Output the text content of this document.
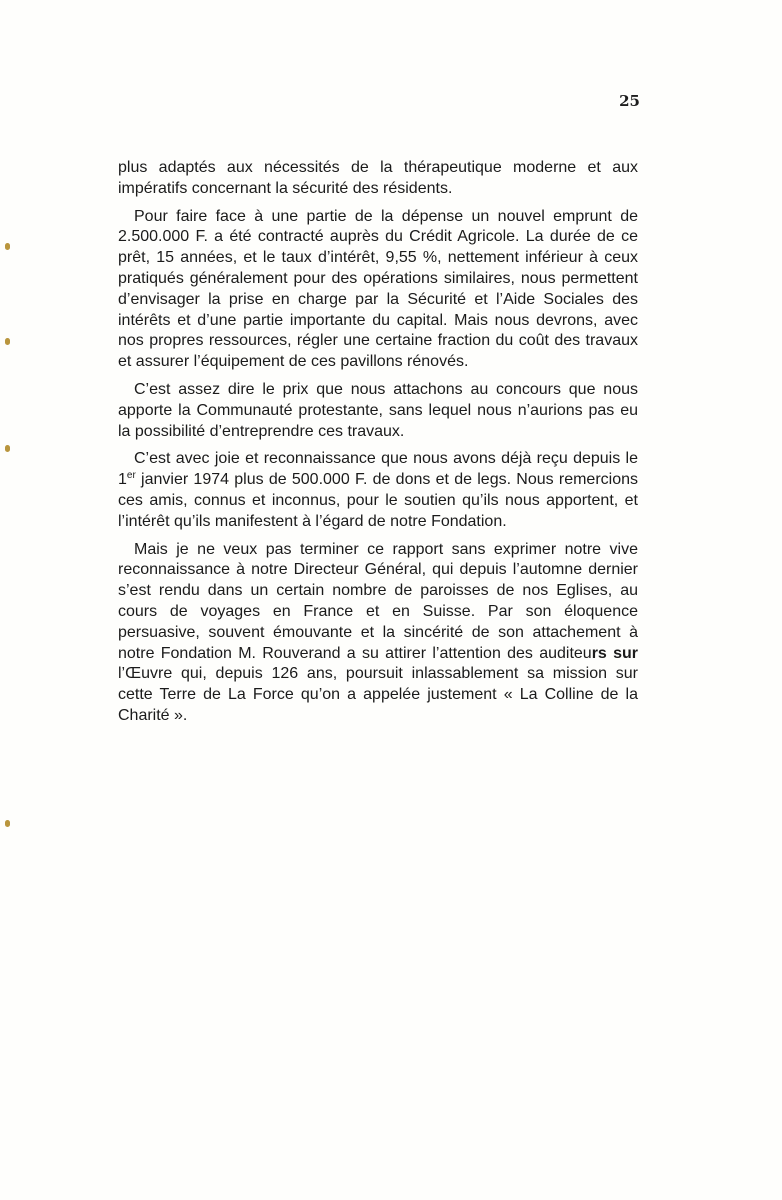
25

plus adaptés aux nécessités de la thérapeutique moderne et aux impératifs concernant la sécurité des résidents.

Pour faire face à une partie de la dépense un nouvel emprunt de 2.500.000 F. a été contracté auprès du Crédit Agricole. La durée de ce prêt, 15 années, et le taux d’intérêt, 9,55 %, nettement inférieur à ceux pratiqués généralement pour des opérations similaires, nous permettent d’envisager la prise en charge par la Sécurité et l’Aide Sociales des intérêts et d’une partie importante du capital. Mais nous devrons, avec nos propres ressources, régler une certaine fraction du coût des travaux et assurer l’équipement de ces pavillons rénovés.

C’est assez dire le prix que nous attachons au concours que nous apporte la Communauté protestante, sans lequel nous n’aurions pas eu la possibilité d’entreprendre ces travaux.

C’est avec joie et reconnaissance que nous avons déjà reçu depuis le 1er janvier 1974 plus de 500.000 F. de dons et de legs. Nous remercions ces amis, connus et inconnus, pour le soutien qu’ils nous apportent, et l’intérêt qu’ils manifestent à l’égard de notre Fondation.

Mais je ne veux pas terminer ce rapport sans exprimer notre vive reconnaissance à notre Directeur Général, qui depuis l’automne dernier s’est rendu dans un certain nombre de paroisses de nos Eglises, au cours de voyages en France et en Suisse. Par son éloquence persuasive, souvent émouvante et la sincérité de son attachement à notre Fondation M. Rouverand a su attirer l’attention des auditeurs sur l’Œuvre qui, depuis 126 ans, poursuit inlassablement sa mission sur cette Terre de La Force qu’on a appelée justement « La Colline de la Charité ».
